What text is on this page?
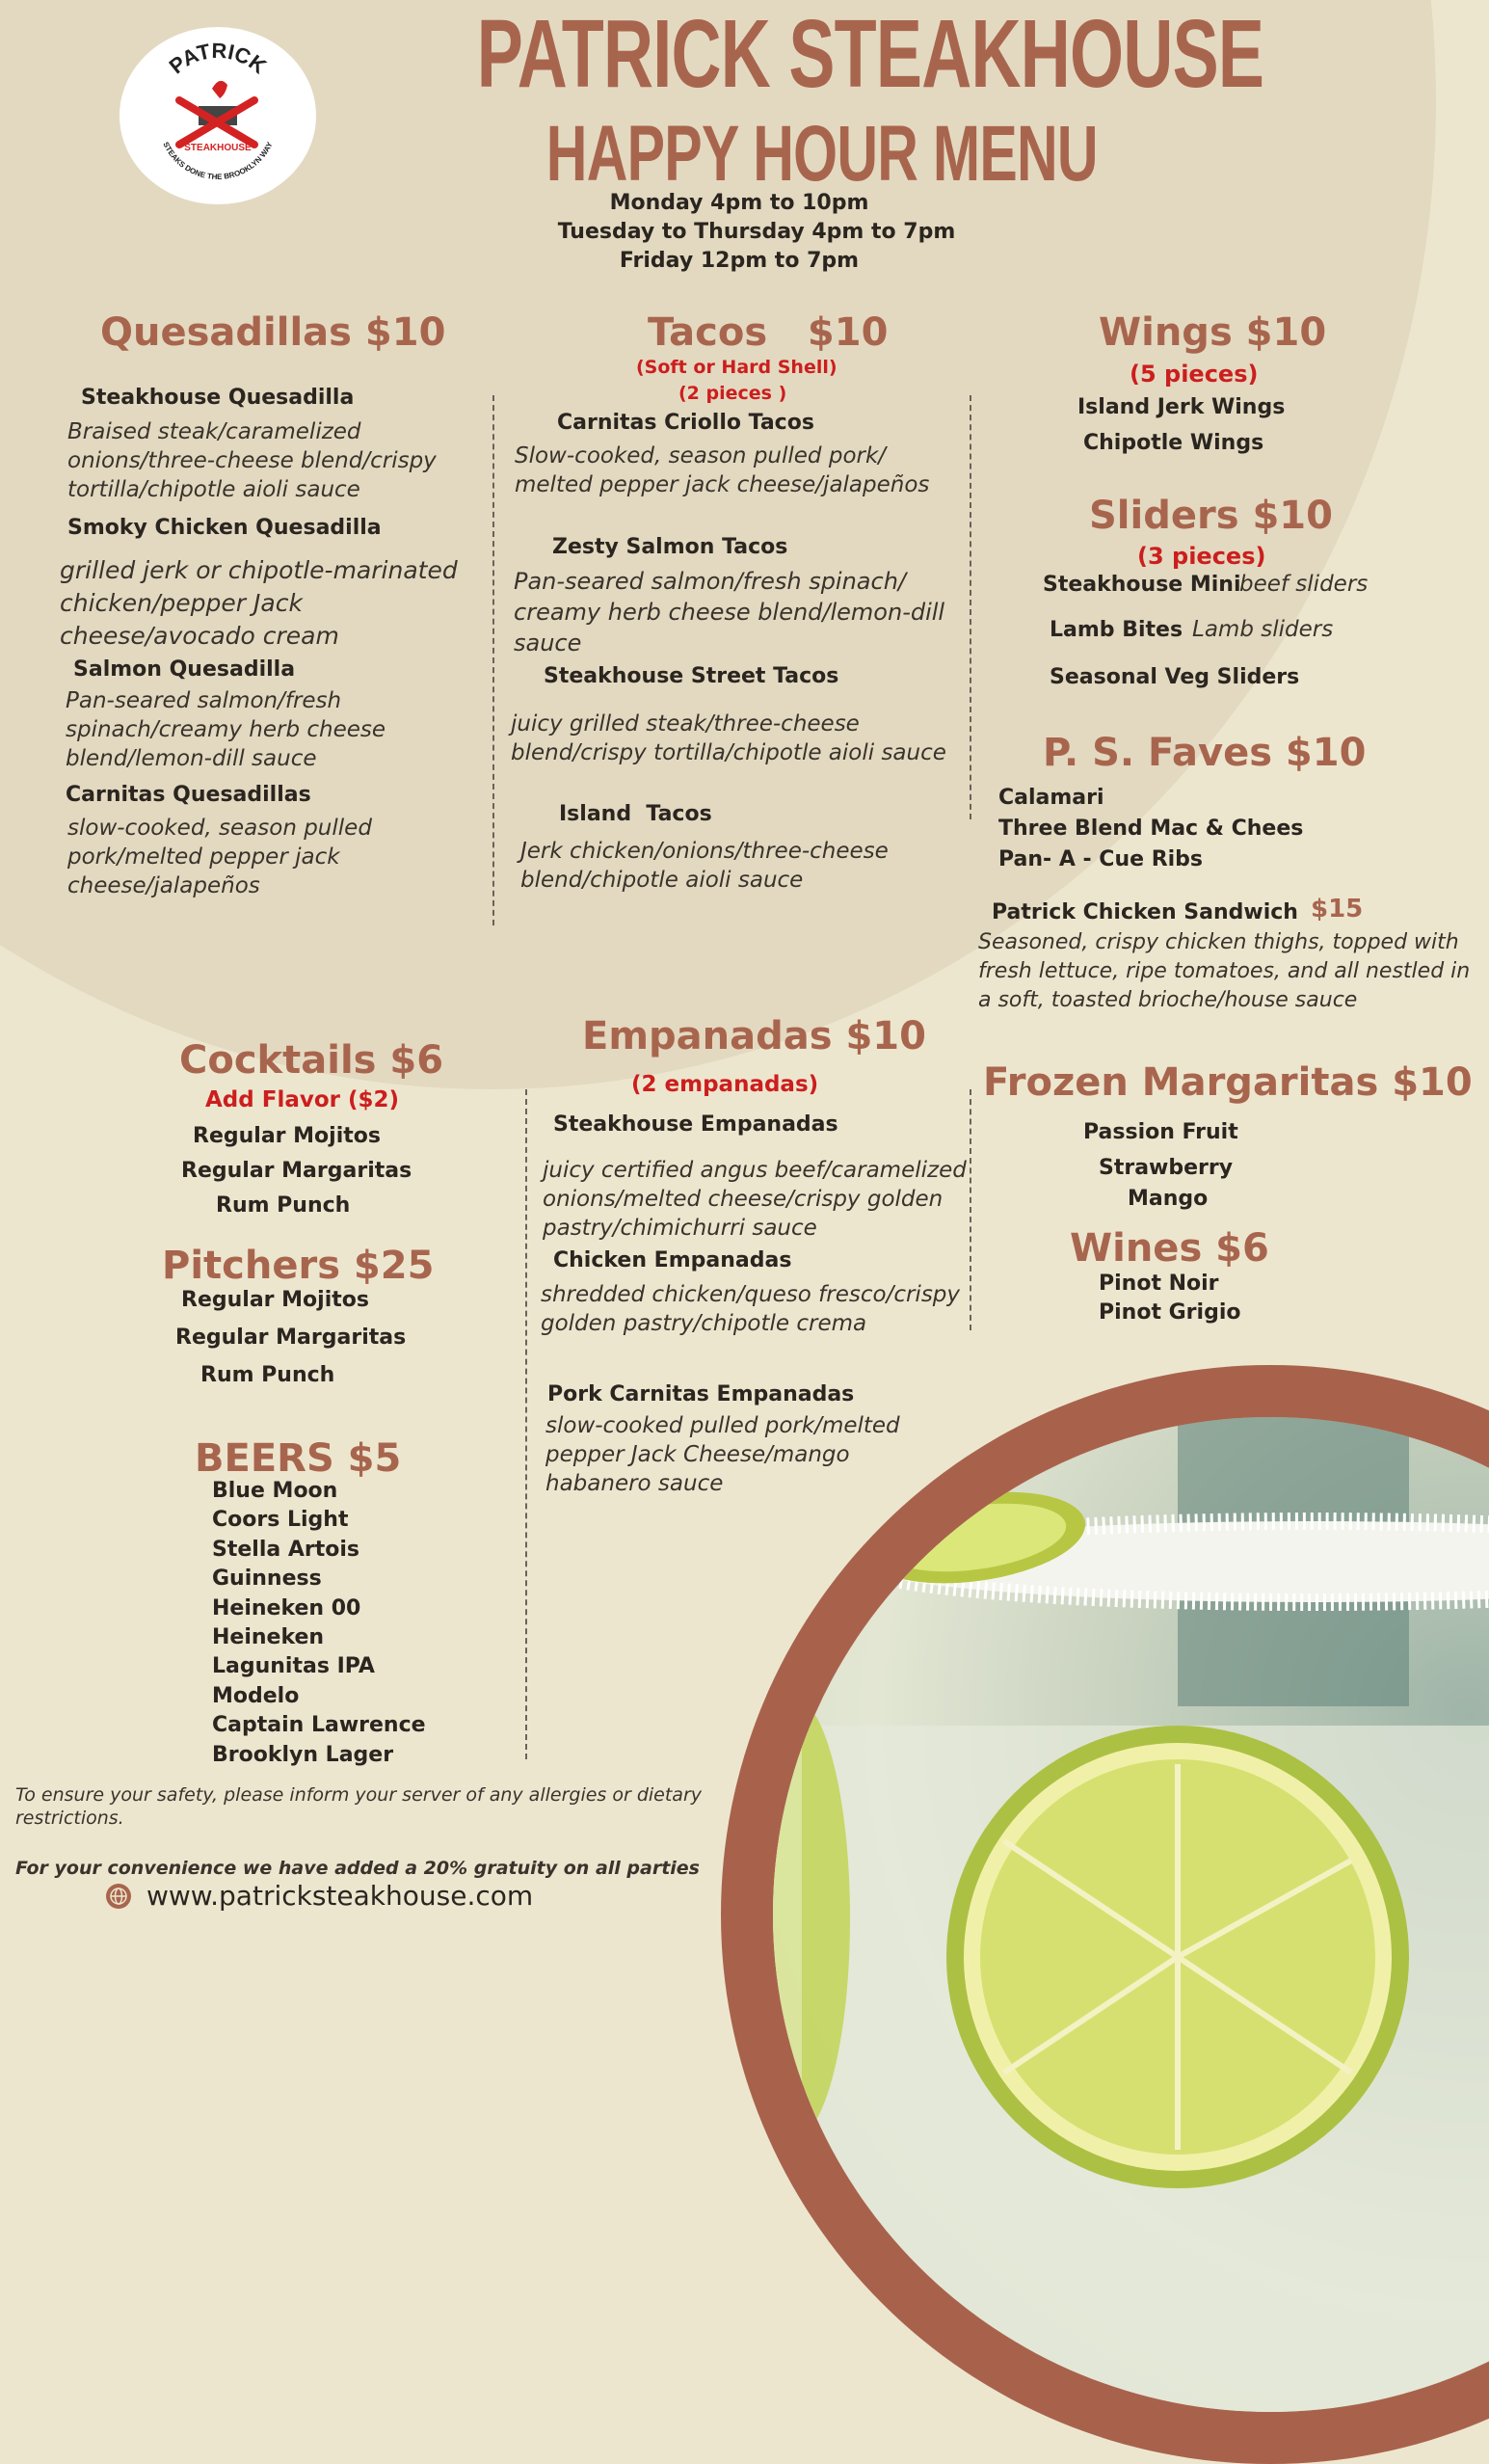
PATRICK
STEAKHOUSE
STEAKS DONE THE BROOKLYN WAY
PATRICK STEAKHOUSE
HAPPY HOUR MENU
Monday 4pm to 10pm
Tuesday to Thursday 4pm to 7pm
Friday 12pm to 7pm
Quesadillas $10
Steakhouse Quesadilla
Braised steak/caramelized
onions/three-cheese blend/crispy
tortilla/chipotle aioli sauce
Smoky Chicken Quesadilla
grilled jerk or chipotle-marinated
chicken/pepper Jack
cheese/avocado cream
Salmon Quesadilla
Pan-seared salmon/fresh
spinach/creamy herb cheese
blend/lemon-dill sauce
Carnitas Quesadillas
slow-cooked, season pulled
pork/melted pepper jack
cheese/jalapeños
Tacos   $10
(Soft or Hard Shell)
(2 pieces )
Carnitas Criollo Tacos
Slow-cooked, season pulled pork/
melted pepper jack cheese/jalapeños
Zesty Salmon Tacos
Pan-seared salmon/fresh spinach/
creamy herb cheese blend/lemon-dill
sauce
Steakhouse Street Tacos
juicy grilled steak/three-cheese
blend/crispy tortilla/chipotle aioli sauce
Island  Tacos
Jerk chicken/onions/three-cheese
blend/chipotle aioli sauce
Wings $10
(5 pieces)
Island Jerk Wings
Chipotle Wings
Sliders $10
(3 pieces)
Steakhouse Mini
beef sliders
Lamb Bites Lamb sliders
Seasonal Veg Sliders
P. S. Faves $10
Calamari
Three Blend Mac & Chees
Pan- A - Cue Ribs
Patrick Chicken Sandwich $15
Seasoned, crispy chicken thighs, topped with
fresh lettuce, ripe tomatoes, and all nestled in
a soft, toasted brioche/house sauce
Cocktails $6
Add Flavor ($2)
Regular Mojitos
Regular Margaritas
Rum Punch
Pitchers $25
Regular Mojitos
Regular Margaritas
Rum Punch
BEERS $5
Blue Moon
Coors Light
Stella Artois
Guinness
Heineken 00
Heineken
Lagunitas IPA
Modelo
Captain Lawrence
Brooklyn Lager
Empanadas $10
(2 empanadas)
Steakhouse Empanadas
juicy certified angus beef/caramelized
onions/melted cheese/crispy golden
pastry/chimichurri sauce
Chicken Empanadas
shredded chicken/queso fresco/crispy
golden pastry/chipotle crema
Pork Carnitas Empanadas
slow-cooked pulled pork/melted
pepper Jack Cheese/mango
habanero sauce
Frozen Margaritas $10
Passion Fruit
Strawberry
Mango
Wines $6
Pinot Noir
Pinot Grigio
To ensure your safety, please inform your server of any allergies or dietary
restrictions.
For your convenience we have added a 20% gratuity on all parties
www.patricksteakhouse.com
